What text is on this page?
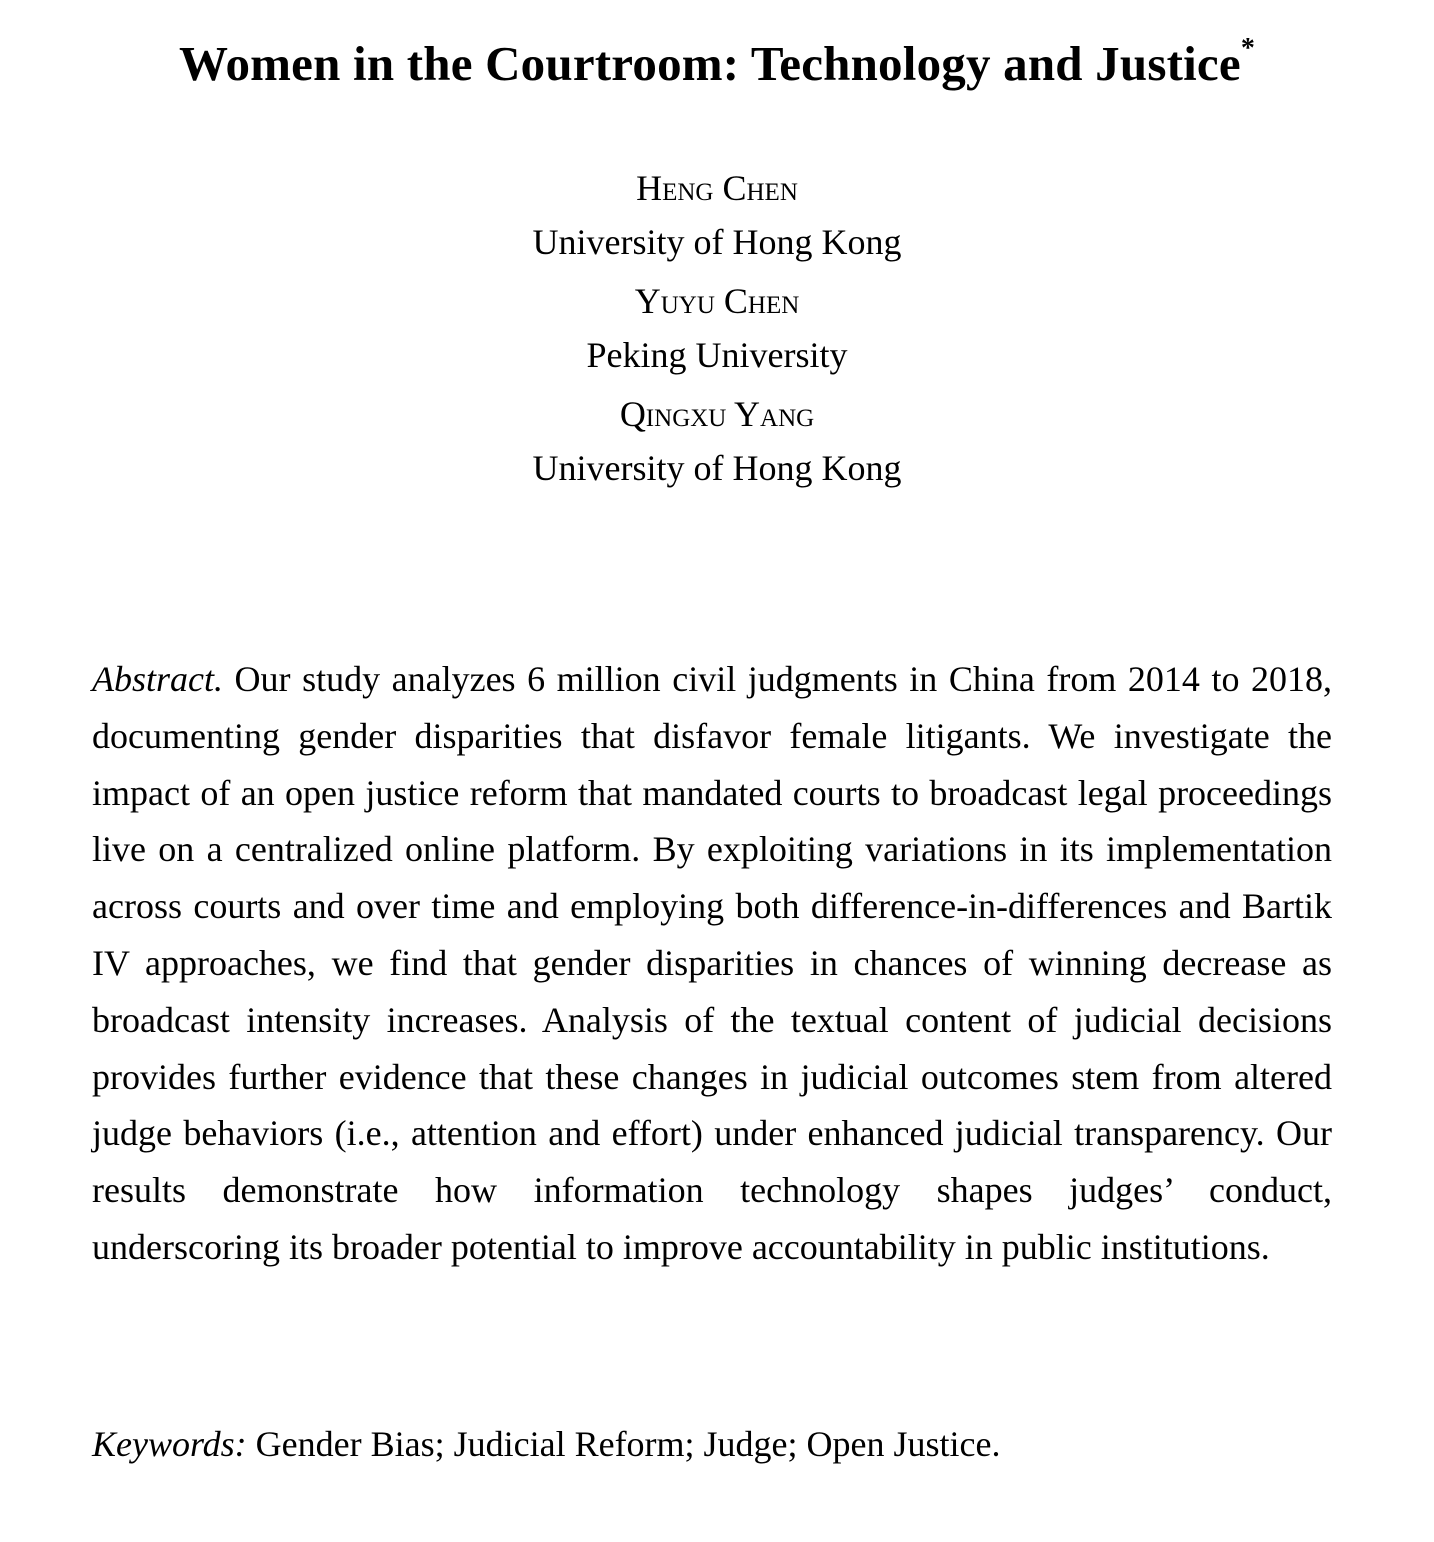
Women in the Courtroom: Technology and Justice*
Heng Chen
University of Hong Kong
Yuyu Chen
Peking University
Qingxu Yang
University of Hong Kong
Abstract. Our study analyzes 6 million civil judgments in China from 2014 to 2018, documenting gender disparities that disfavor female litigants. We investigate the impact of an open justice reform that mandated courts to broadcast legal proceedings live on a centralized online platform. By exploiting variations in its implementation across courts and over time and employing both difference-in-differences and Bartik IV approaches, we find that gender disparities in chances of winning decrease as broadcast intensity increases. Analysis of the textual content of judicial decisions provides further evidence that these changes in judicial outcomes stem from altered judge behaviors (i.e., attention and effort) under enhanced judicial transparency. Our results demonstrate how information technology shapes judges’ conduct, underscoring its broader potential to improve accountability in public institutions.
Keywords: Gender Bias; Judicial Reform; Judge; Open Justice.
